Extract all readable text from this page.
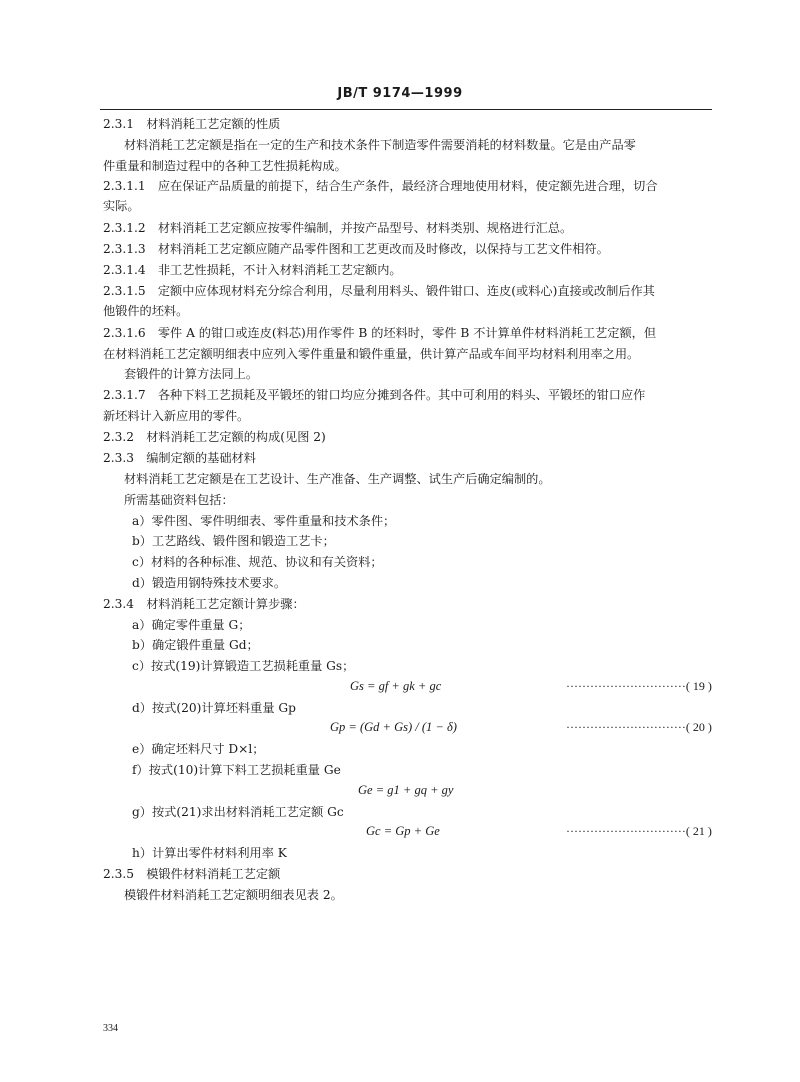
JB/T 9174—1999
2.3.1　材料消耗工艺定额的性质
材料消耗工艺定额是指在一定的生产和技术条件下制造零件需要消耗的材料数量。它是由产品零
件重量和制造过程中的各种工艺性损耗构成。
2.3.1.1　应在保证产品质量的前提下，结合生产条件，最经济合理地使用材料，使定额先进合理，切合
实际。
2.3.1.2　材料消耗工艺定额应按零件编制，并按产品型号、材料类别、规格进行汇总。
2.3.1.3　材料消耗工艺定额应随产品零件图和工艺更改而及时修改，以保持与工艺文件相符。
2.3.1.4　非工艺性损耗，不计入材料消耗工艺定额内。
2.3.1.5　定额中应体现材料充分综合利用，尽量利用料头、锻件钳口、连皮(或料心)直接或改制后作其
他锻件的坯料。
2.3.1.6　零件 A 的钳口或连皮(料芯)用作零件 B 的坯料时，零件 B 不计算单件材料消耗工艺定额，但
在材料消耗工艺定额明细表中应列入零件重量和锻件重量，供计算产品或车间平均材料利用率之用。
套锻件的计算方法同上。
2.3.1.7　各种下料工艺损耗及平锻坯的钳口均应分摊到各件。其中可利用的料头、平锻坯的钳口应作
新坯料计入新应用的零件。
2.3.2　材料消耗工艺定额的构成(见图 2)
2.3.3　编制定额的基础材料
材料消耗工艺定额是在工艺设计、生产准备、生产调整、试生产后确定编制的。
所需基础资料包括：
a）零件图、零件明细表、零件重量和技术条件；
b）工艺路线、锻件图和锻造工艺卡；
c）材料的各种标准、规范、协议和有关资料；
d）锻造用钢特殊技术要求。
2.3.4　材料消耗工艺定额计算步骤：
a）确定零件重量 G；
b）确定锻件重量 Gd；
c）按式(19)计算锻造工艺损耗重量 Gs；
d）按式(20)计算坯料重量 Gp
e）确定坯料尺寸 D×l；
f）按式(10)计算下料工艺损耗重量 Ge
g）按式(21)求出材料消耗工艺定额 Gc
h）计算出零件材料利用率 K
2.3.5　模锻件材料消耗工艺定额
模锻件材料消耗工艺定额明细表见表 2。
Gs = gf + gk + gc	······························( 19 )
Gp = (Gd + Gs) / (1 − δ)	······························( 20 )
Ge = g1 + gq + gy
Gc = Gp + Ge	······························( 21 )
334
